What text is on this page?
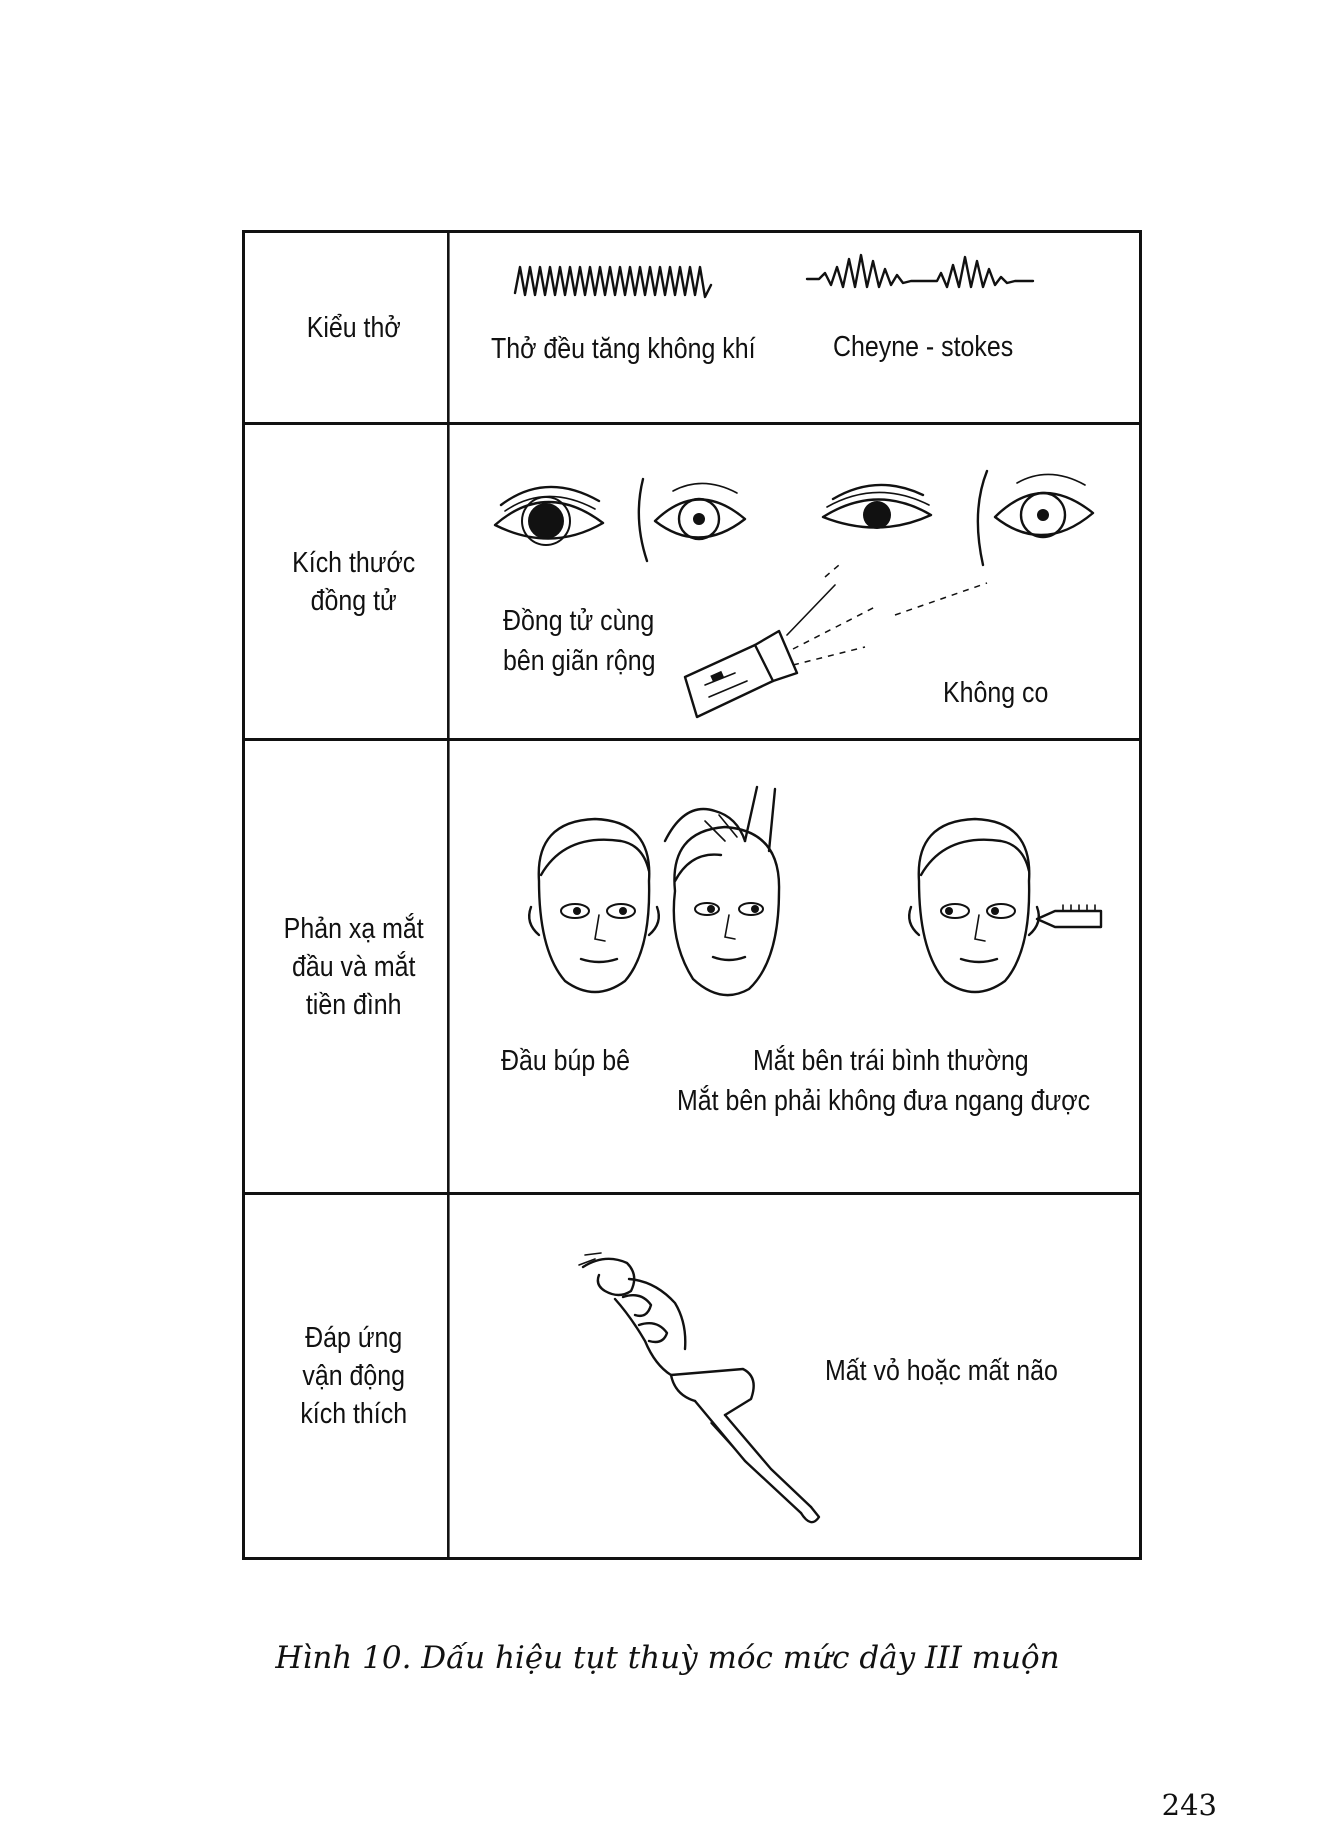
Kiểu thở
Thở đều tăng không khí	Cheyne - stokes
Kích thước
đồng tử
Đồng tử cùng
bên giãn rộng
Không co
Phản xạ mắt
đầu và mắt
tiền đình
Đầu búp bê	Mắt bên trái bình thường
Mắt bên phải không đưa ngang được
Đáp ứng
vận động
kích thích
Mất vỏ hoặc mất não
Hình 10. Dấu hiệu tụt thuỳ móc mức dây III muộn
243
